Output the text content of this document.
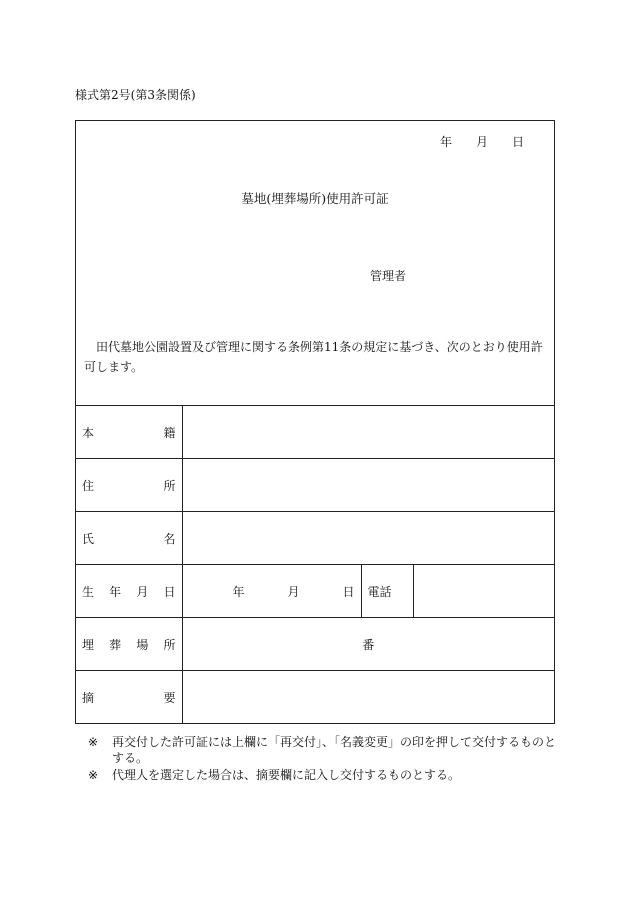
様式第2号(第3条関係)
年 月 日
墓地(埋葬場所)使用許可証
管理者
田代墓地公園設置及び管理に関する条例第11条の規定に基づき、次のとおり使用許可します。
本 籍			

住 所			

氏 名			

生 年 月 日	年 月 日	電話	

埋 葬 場 所	番		

摘 要			

※ 再交付した許可証には上欄に「再交付」、「名義変更」の印を押して交付するものと
する。
※ 代理人を選定した場合は、摘要欄に記入し交付するものとする。
